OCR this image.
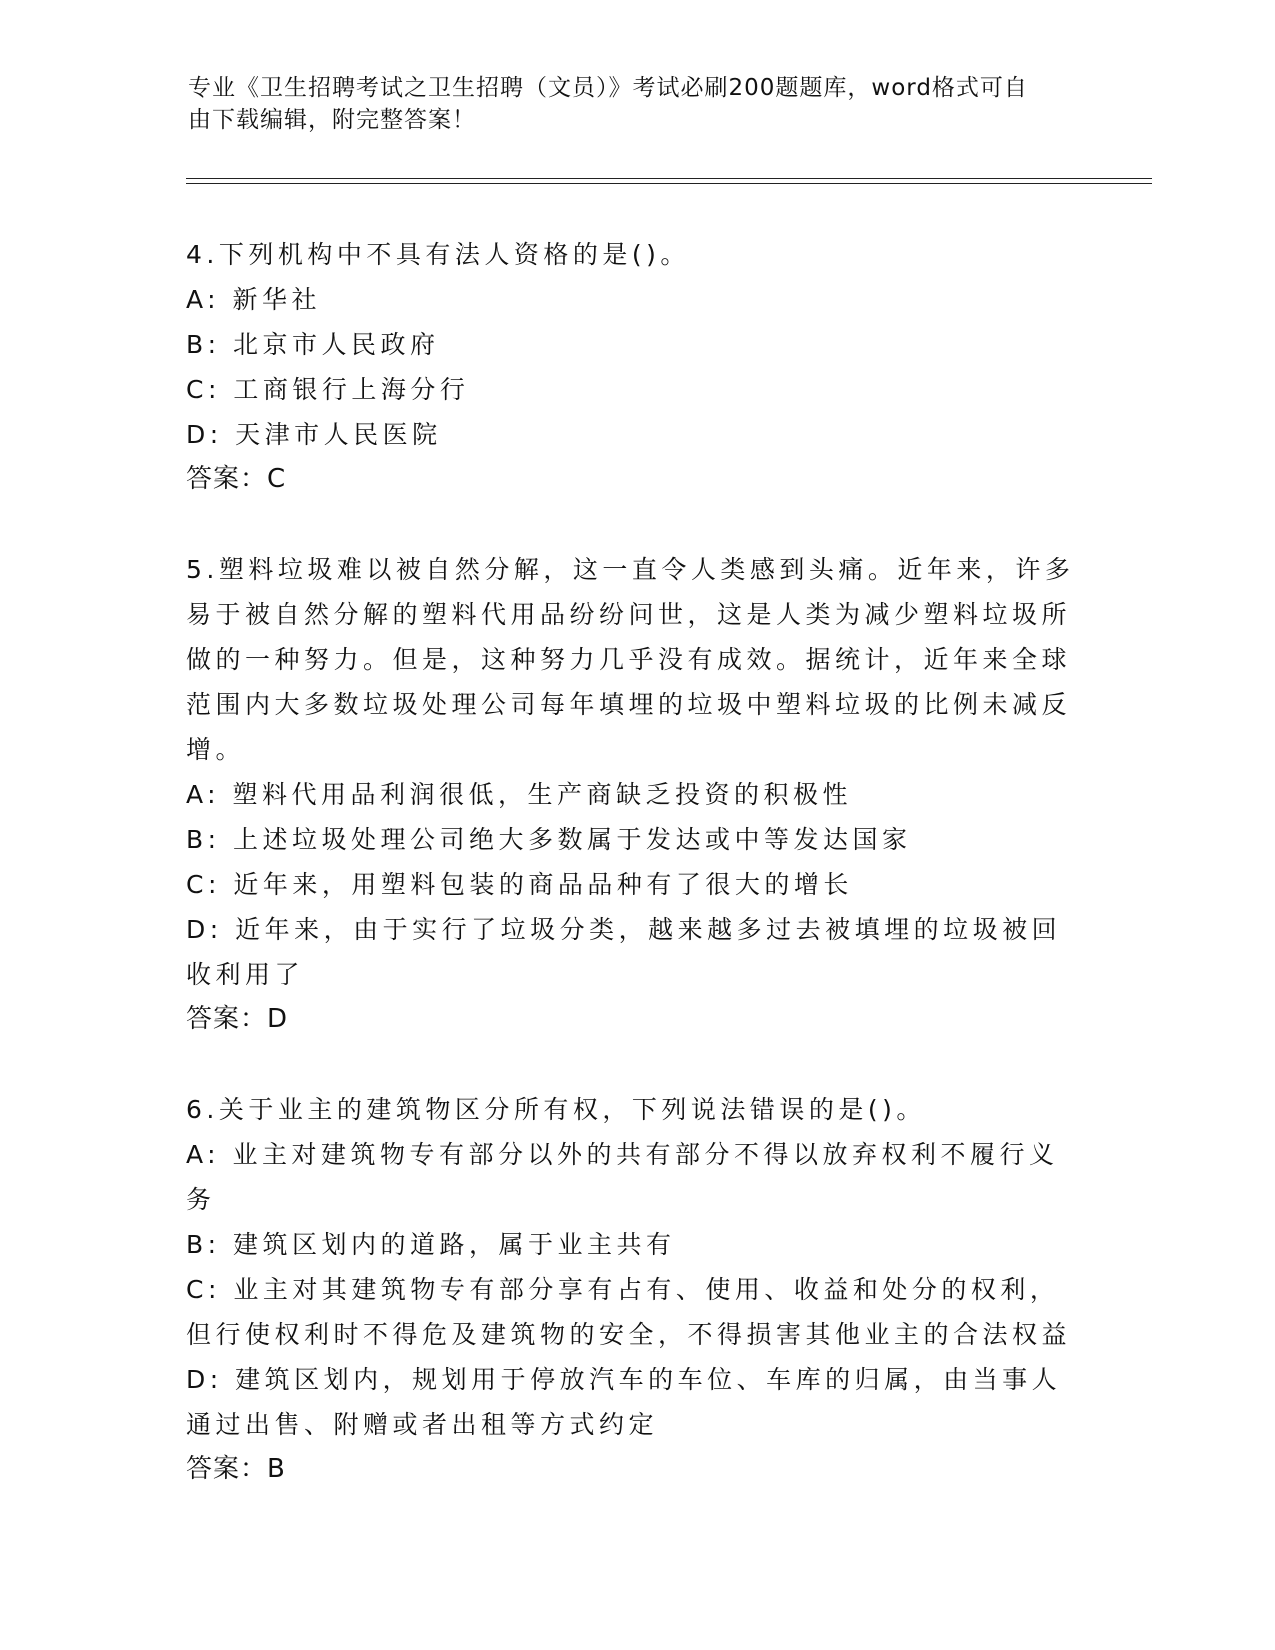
专业《卫生招聘考试之卫生招聘（文员）》考试必刷200题题库，word格式可自
由下载编辑，附完整答案！

4.下列机构中不具有法人资格的是()。

A: 新华社

B: 北京市人民政府

C: 工商银行上海分行

D: 天津市人民医院

答案：C

5.塑料垃圾难以被自然分解，这一直令人类感到头痛。近年来，许多易于被自然分解的塑料代用品纷纷问世，这是人类为减少塑料垃圾所做的一种努力。但是，这种努力几乎没有成效。据统计，近年来全球范围内大多数垃圾处理公司每年填埋的垃圾中塑料垃圾的比例未减反增。

A: 塑料代用品利润很低，生产商缺乏投资的积极性

B: 上述垃圾处理公司绝大多数属于发达或中等发达国家

C: 近年来，用塑料包装的商品品种有了很大的增长

D: 近年来，由于实行了垃圾分类，越来越多过去被填埋的垃圾被回收利用了

答案：D

6.关于业主的建筑物区分所有权，下列说法错误的是()。

A: 业主对建筑物专有部分以外的共有部分不得以放弃权利不履行义务

B: 建筑区划内的道路，属于业主共有

C: 业主对其建筑物专有部分享有占有、使用、收益和处分的权利，但行使权利时不得危及建筑物的安全，不得损害其他业主的合法权益

D: 建筑区划内，规划用于停放汽车的车位、车库的归属，由当事人通过出售、附赠或者出租等方式约定

答案：B
